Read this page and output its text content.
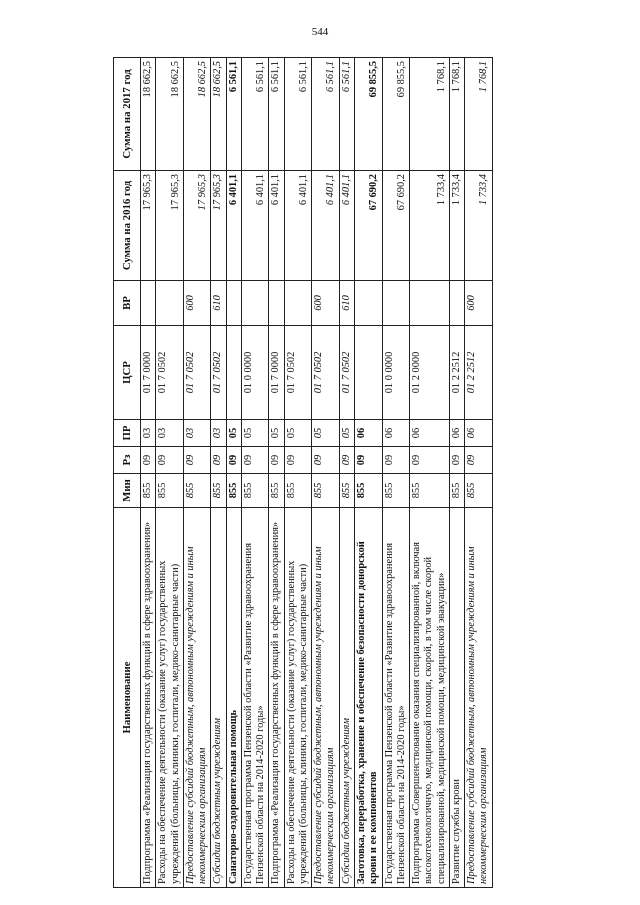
544
Наименование	Мин	Рз	ПР	ЦСР	ВР	Сумма на 2016 год	Сумма на 2017 год
Подпрограмма «Реализация государственных функций в сфере здравоохранения»	855	09	03	01 7 0000		17 965,3	18 662,5
Расходы на обеспечение деятельности (оказание услуг) государственных учреждений (больницы, клиники, госпитали, медико-санитарные части)	855	09	03	01 7 0502		17 965,3	18 662,5
Предоставление субсидий бюджетным, автономным учреждениям и иным некоммерческим организациям	855	09	03	01 7 0502	600	17 965,3	18 662,5
Субсидии бюджетным учреждениям	855	09	03	01 7 0502	610	17 965,3	18 662,5
Санаторно-оздоровительная помощь	855	09	05			6 401,1	6 561,1
Государственная программа Пензенской области «Развитие здравоохранения Пензенской области на 2014-2020 годы»	855	09	05	01 0 0000		6 401,1	6 561,1
Подпрограмма «Реализация государственных функций в сфере здравоохранения»	855	09	05	01 7 0000		6 401,1	6 561,1
Расходы на обеспечение деятельности (оказание услуг) государственных учреждений (больницы, клиники, госпитали, медико-санитарные части)	855	09	05	01 7 0502		6 401,1	6 561,1
Предоставление субсидий бюджетным, автономным учреждениям и иным некоммерческим организациям	855	09	05	01 7 0502	600	6 401,1	6 561,1
Субсидии бюджетным учреждениям	855	09	05	01 7 0502	610	6 401,1	6 561,1
Заготовка, переработка, хранение и обеспечение безопасности донорской крови и ее компонентов	855	09	06			67 690,2	69 855,5
Государственная программа Пензенской области «Развитие здравоохранения Пензенской области на 2014-2020 годы»	855	09	06	01 0 0000		67 690,2	69 855,5
Подпрограмма «Совершенствование оказания специализированной, включая высокотехнологичную, медицинской помощи, скорой, в том числе скорой специализированной, медицинской помощи, медицинской эвакуации»	855	09	06	01 2 0000		1 733,4	1 768,1
Развитие службы крови	855	09	06	01 2 2512		1 733,4	1 768,1
Предоставление субсидий бюджетным, автономным учреждениям и иным некоммерческим организациям	855	09	06	01 2 2512	600	1 733,4	1 768,1
